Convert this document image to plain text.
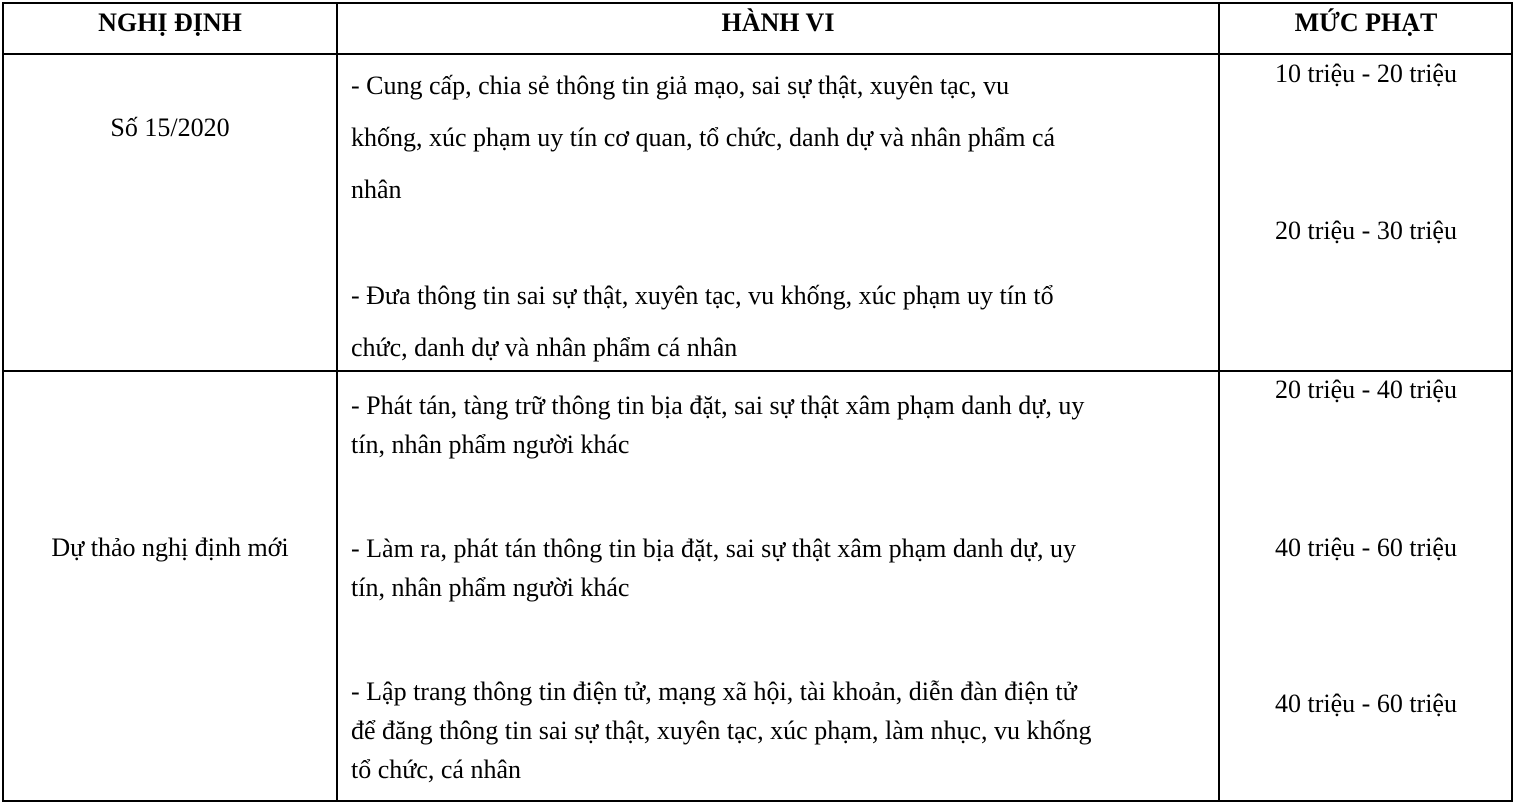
NGHỊ ĐỊNH	HÀNH VI	MỨC PHẠT
Số 15/2020
- Cung cấp, chia sẻ thông tin giả mạo, sai sự thật, xuyên tạc, vu
khống, xúc phạm uy tín cơ quan, tổ chức, danh dự và nhân phẩm cá
nhân
10 triệu - 20 triệu
- Đưa thông tin sai sự thật, xuyên tạc, vu khống, xúc phạm uy tín tổ
chức, danh dự và nhân phẩm cá nhân
20 triệu - 30 triệu
Dự thảo nghị định mới
- Phát tán, tàng trữ thông tin bịa đặt, sai sự thật xâm phạm danh dự, uy
tín, nhân phẩm người khác
20 triệu - 40 triệu
- Làm ra, phát tán thông tin bịa đặt, sai sự thật xâm phạm danh dự, uy
tín, nhân phẩm người khác
40 triệu - 60 triệu
- Lập trang thông tin điện tử, mạng xã hội, tài khoản, diễn đàn điện tử
để đăng thông tin sai sự thật, xuyên tạc, xúc phạm, làm nhục, vu khống
tổ chức, cá nhân
40 triệu - 60 triệu
